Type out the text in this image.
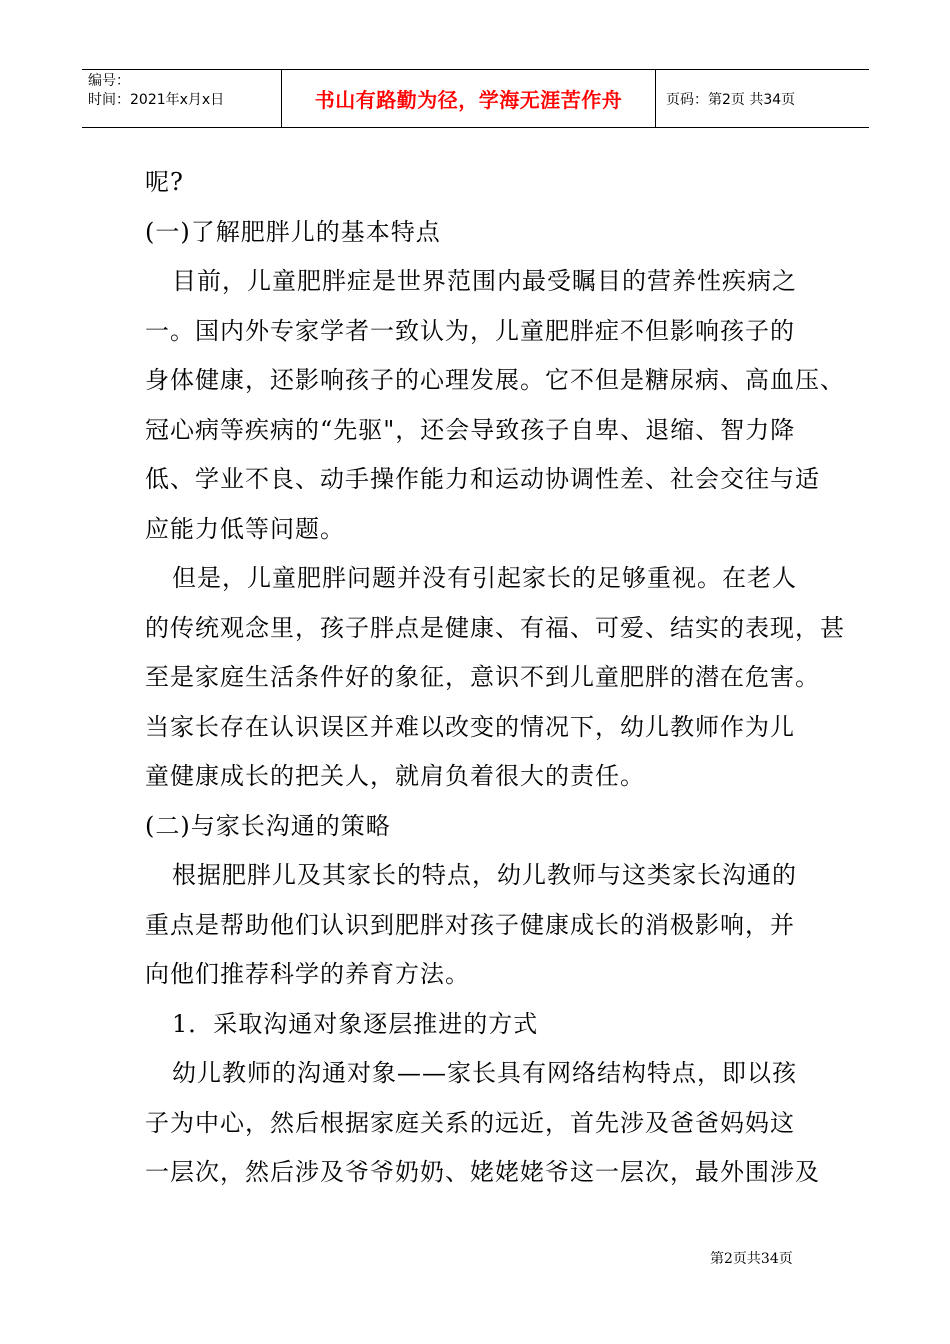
编号：
时间：2021年x月x日	书山有路勤为径，学海无涯苦作舟	页码：第2页 共34页
呢?
(一)了解肥胖儿的基本特点
目前，儿童肥胖症是世界范围内最受瞩目的营养性疾病之
一。国内外专家学者一致认为，儿童肥胖症不但影响孩子的
身体健康，还影响孩子的心理发展。它不但是糖尿病、高血压、
冠心病等疾病的“先驱"，还会导致孩子自卑、退缩、智力降
低、学业不良、动手操作能力和运动协调性差、社会交往与适
应能力低等问题。
但是，儿童肥胖问题并没有引起家长的足够重视。在老人
的传统观念里，孩子胖点是健康、有福、可爱、结实的表现，甚
至是家庭生活条件好的象征，意识不到儿童肥胖的潜在危害。
当家长存在认识误区并难以改变的情况下，幼儿教师作为儿
童健康成长的把关人，就肩负着很大的责任。
(二)与家长沟通的策略
根据肥胖儿及其家长的特点，幼儿教师与这类家长沟通的
重点是帮助他们认识到肥胖对孩子健康成长的消极影响，并
向他们推荐科学的养育方法。
1．采取沟通对象逐层推进的方式
幼儿教师的沟通对象——家长具有网络结构特点，即以孩
子为中心，然后根据家庭关系的远近，首先涉及爸爸妈妈这
一层次，然后涉及爷爷奶奶、姥姥姥爷这一层次，最外围涉及
第2页共34页
